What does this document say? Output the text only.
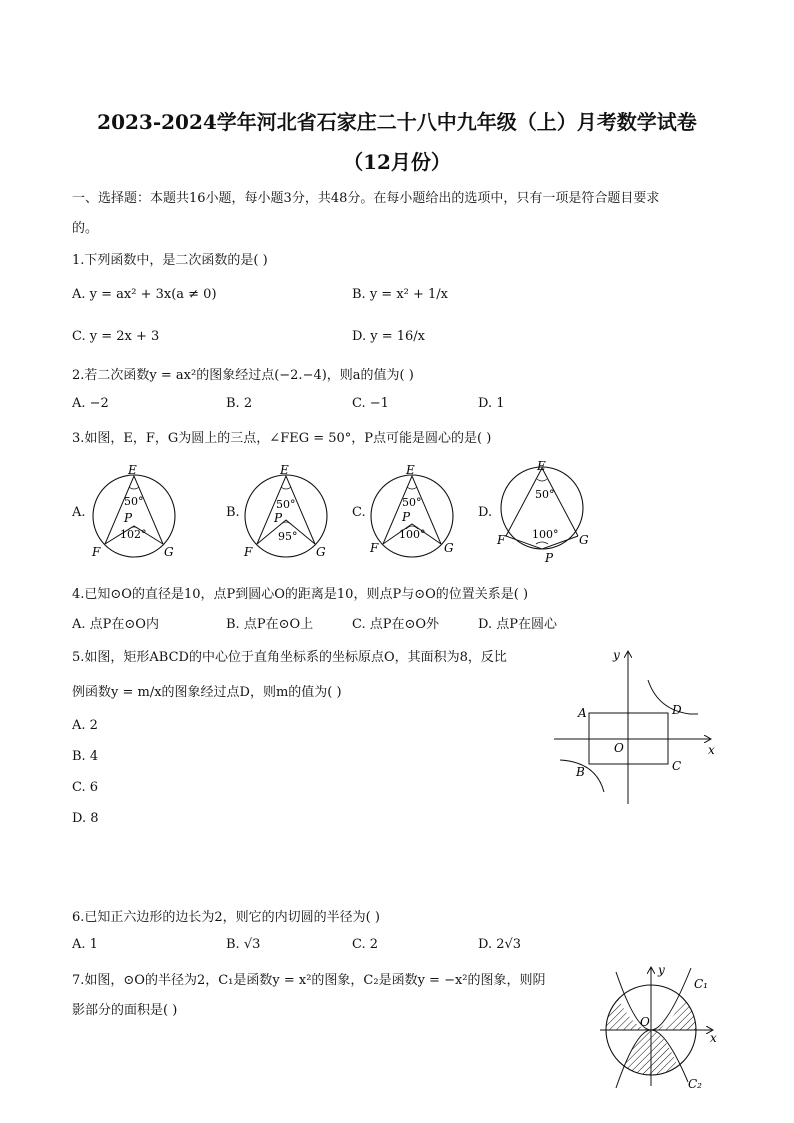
2023-2024学年河北省石家庄二十八中九年级（上）月考数学试卷
（12月份）
一、选择题：本题共16小题，每小题3分，共48分。在每小题给出的选项中，只有一项是符合题目要求
的。
1.下列函数中，是二次函数的是( )
A. y = ax² + 3x(a ≠ 0)	B. y = x² + 1/x
C. y = 2x + 3	D. y = 16/x
2.若二次函数y = ax²的图象经过点(−2.−4)，则a的值为( )
A. −2	B. 2	C. −1	D. 1
3.如图，E，F，G为圆上的三点，∠FEG = 50°，P点可能是圆心的是( )
A.	B.	C.	D.
E
50°
P
102°
F	G
E
50°
P
95°
F	G
E
50°
P
100°
F	G
E
50°
100°
F	G
P
4.已知⊙O的直径是10，点P到圆心O的距离是10，则点P与⊙O的位置关系是( )
A. 点P在⊙O内	B. 点P在⊙O上	C. 点P在⊙O外	D. 点P在圆心
5.如图，矩形ABCD的中心位于直角坐标系的坐标原点O，其面积为8，反比
例函数y = m/x的图象经过点D，则m的值为( )
A. 2
B. 4
C. 6
D. 8
y
x
A	D
O
B	C
6.已知正六边形的边长为2，则它的内切圆的半径为( )
A. 1	B. √3	C. 2	D. 2√3
7.如图，⊙O的半径为2，C₁是函数y = x²的图象，C₂是函数y = −x²的图象，则阴
影部分的面积是( )
y
x
O
C₁
C₂
